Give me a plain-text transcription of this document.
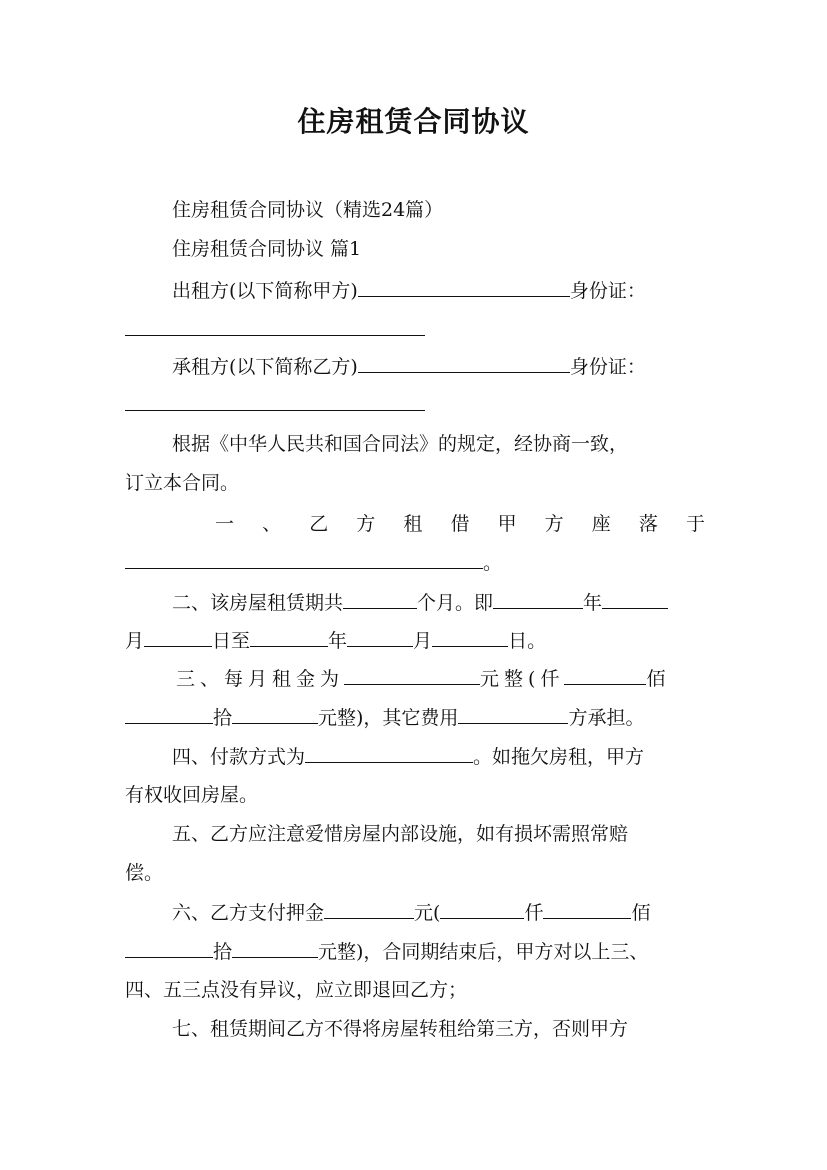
住房租赁合同协议
住房租赁合同协议（精选24篇）
住房租赁合同协议 篇1
出租方(以下简称甲方)	身份证：
承租方(以下简称乙方)	身份证：
根据《中华人民共和国合同法》的规定，经协商一致，
订立本合同。
一 、 乙 方 租 借 甲 方 座 落 于
。
二、该房屋租赁期共	个月。即	年
月	日至	年	月	日。
三、每月租金为	元整(仟	佰
拾	元整)，其它费用	方承担。
四、付款方式为	。如拖欠房租，甲方
有权收回房屋。
五、乙方应注意爱惜房屋内部设施，如有损坏需照常赔
偿。
六、乙方支付押金	元(	仟	佰
拾	元整)，合同期结束后，甲方对以上三、
四、五三点没有异议，应立即退回乙方；
七、租赁期间乙方不得将房屋转租给第三方，否则甲方
